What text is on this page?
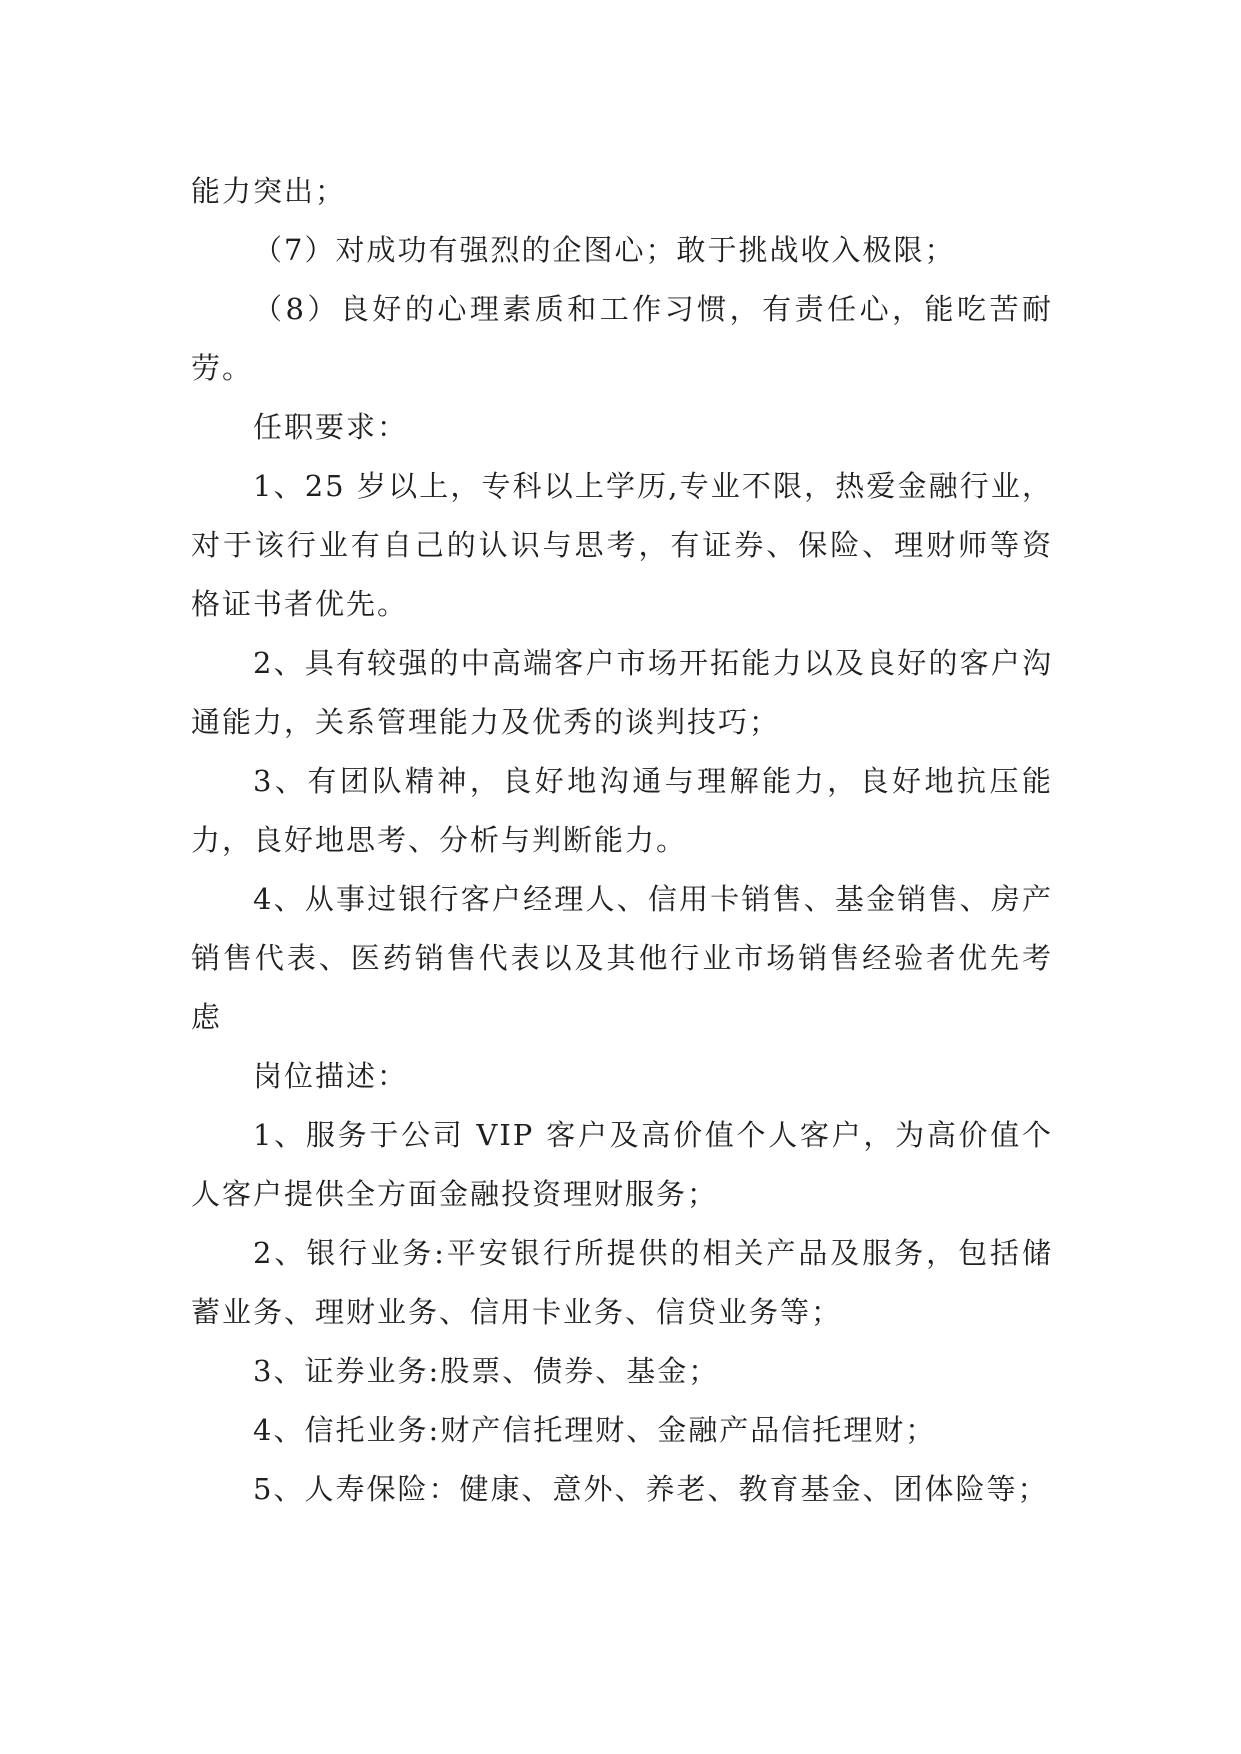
能力突出；

（7）对成功有强烈的企图心；敢于挑战收入极限；

（8）良好的心理素质和工作习惯，有责任心，能吃苦耐劳。

任职要求：

1、25 岁以上，专科以上学历,专业不限，热爱金融行业，对于该行业有自己的认识与思考，有证券、保险、理财师等资格证书者优先。

2、具有较强的中高端客户市场开拓能力以及良好的客户沟通能力，关系管理能力及优秀的谈判技巧；

3、有团队精神，良好地沟通与理解能力，良好地抗压能力，良好地思考、分析与判断能力。

4、从事过银行客户经理人、信用卡销售、基金销售、房产销售代表、医药销售代表以及其他行业市场销售经验者优先考虑

岗位描述：

1、服务于公司 VIP 客户及高价值个人客户，为高价值个人客户提供全方面金融投资理财服务；

2、银行业务:平安银行所提供的相关产品及服务，包括储蓄业务、理财业务、信用卡业务、信贷业务等；

3、证券业务:股票、债券、基金；

4、信托业务:财产信托理财、金融产品信托理财；

5、人寿保险：健康、意外、养老、教育基金、团体险等；
